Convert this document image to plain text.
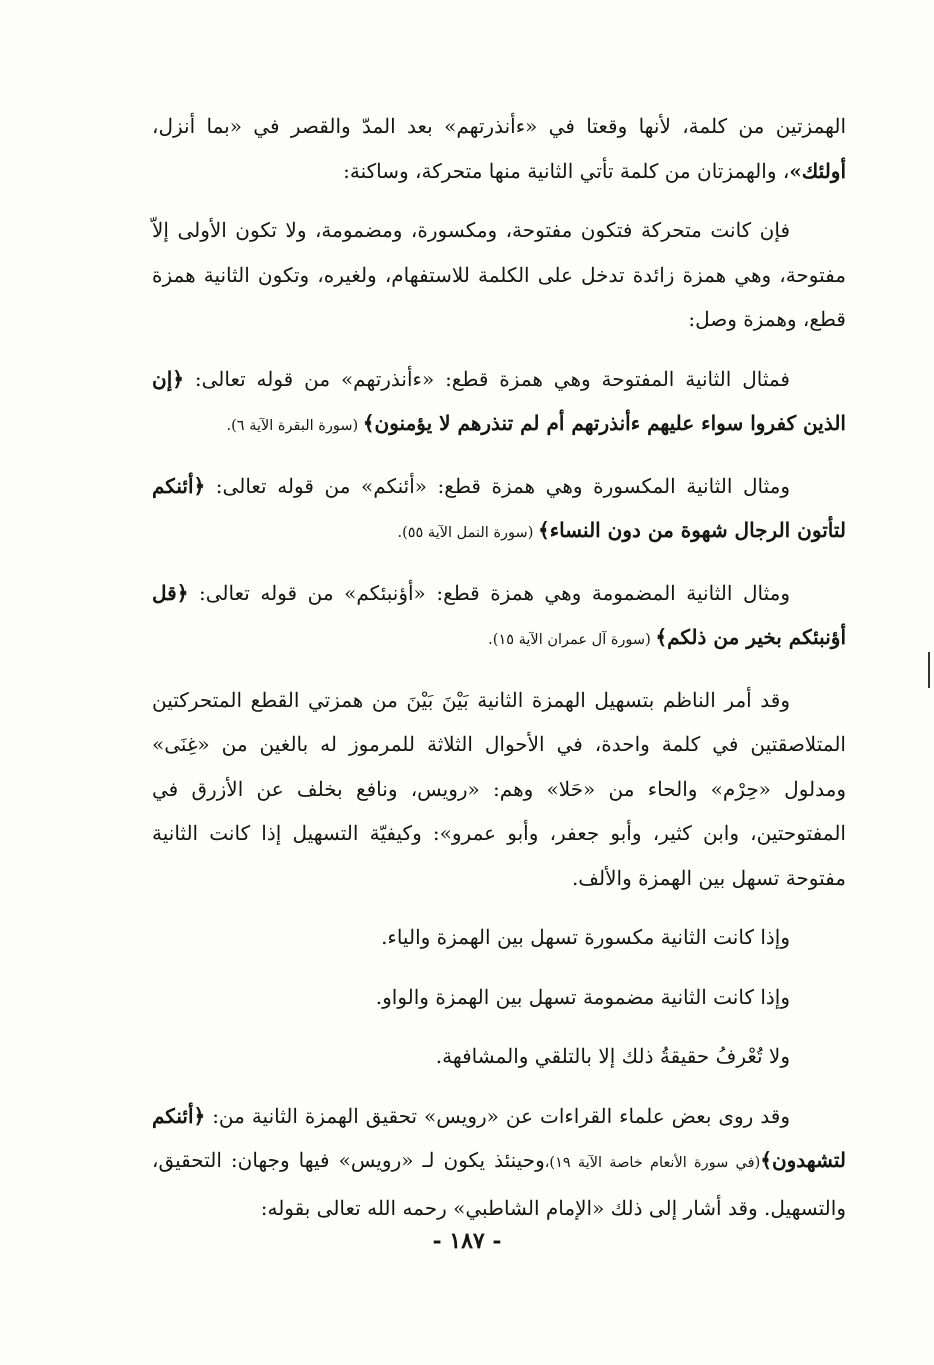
الهمزتين من كلمة، لأنها وقعتا في «ءأنذرتهم» بعد المدّ والقصر في «بما أنزل، أولئك»، والهمزتان من كلمة تأتي الثانية منها متحركة، وساكنة:

فإن كانت متحركة فتكون مفتوحة، ومكسورة، ومضمومة، ولا تكون الأولى إلاّ مفتوحة، وهي همزة زائدة تدخل على الكلمة للاستفهام، ولغيره، وتكون الثانية همزة قطع، وهمزة وصل:

فمثال الثانية المفتوحة وهي همزة قطع: «ءأنذرتهم» من قوله تعالى: ﴿إن الذين كفروا سواء عليهم ءأنذرتهم أم لم تنذرهم لا يؤمنون﴾ (سورة البقرة الآية ٦).

ومثال الثانية المكسورة وهي همزة قطع: «أئنكم» من قوله تعالى: ﴿أئنكم لتأتون الرجال شهوة من دون النساء﴾ (سورة النمل الآية ٥٥).

ومثال الثانية المضمومة وهي همزة قطع: «أؤنبئكم» من قوله تعالى: ﴿قل أؤنبئكم بخير من ذلكم﴾ (سورة آل عمران الآية ١٥).

وقد أمر الناظم بتسهيل الهمزة الثانية بَيْنَ بَيْنَ من همزتي القطع المتحركتين المتلاصقتين في كلمة واحدة، في الأحوال الثلاثة للمرموز له بالغين من «غِنَى» ومدلول «حِرْم» والحاء من «حَلا» وهم: «رويس، ونافع بخلف عن الأزرق في المفتوحتين، وابن كثير، وأبو جعفر، وأبو عمرو»: وكيفيّة التسهيل إذا كانت الثانية مفتوحة تسهل بين الهمزة والألف.

وإذا كانت الثانية مكسورة تسهل بين الهمزة والياء.

وإذا كانت الثانية مضمومة تسهل بين الهمزة والواو.

ولا تُعْرفُ حقيقةُ ذلك إلا بالتلقي والمشافهة.

وقد روى بعض علماء القراءات عن «رويس» تحقيق الهمزة الثانية من: ﴿أئنكم لتشهدون﴾(في سورة الأنعام خاصة الآية ١٩)،وحينئذ يكون لـ «رويس» فيها وجهان: التحقيق، والتسهيل. وقد أشار إلى ذلك «الإمام الشاطبي» رحمه الله تعالى بقوله:

- ١٨٧ -
